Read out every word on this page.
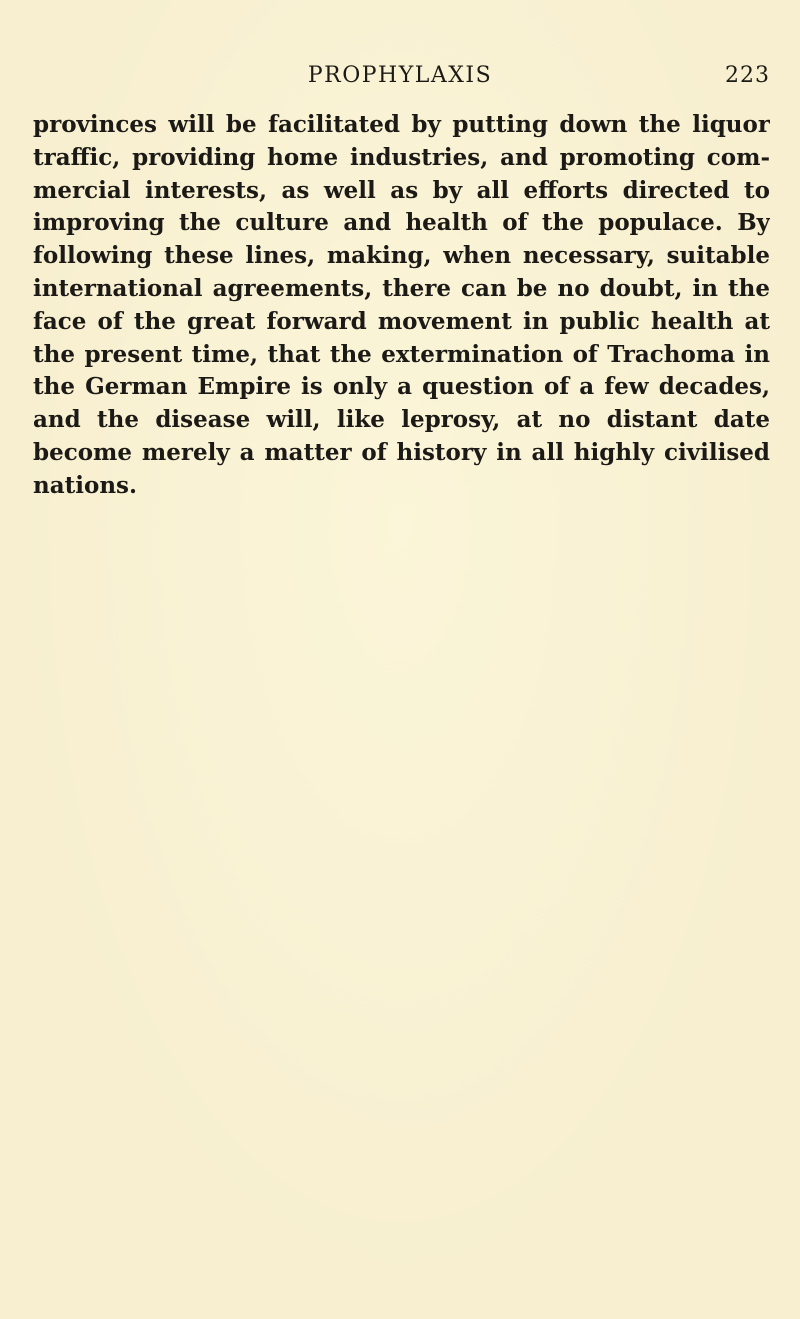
PROPHYLAXIS	223

provinces will be facilitated by putting down the liquor
traffic, providing home industries, and promoting com-
mercial interests, as well as by all efforts directed to
improving the culture and health of the populace. By
following these lines, making, when necessary, suitable
international agreements, there can be no doubt, in the
face of the great forward movement in public health at
the present time, that the extermination of Trachoma in
the German Empire is only a question of a few decades,
and the disease will, like leprosy, at no distant date
become merely a matter of history in all highly civilised
nations.
